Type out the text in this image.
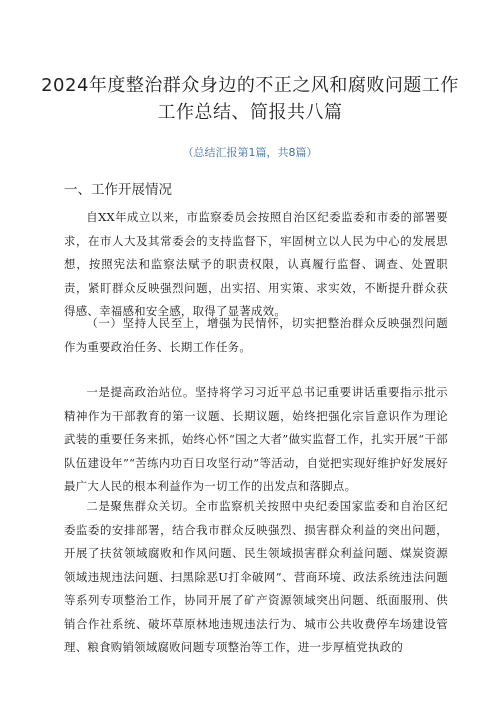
2024年度整治群众身边的不正之风和腐败问题工作
工作总结、简报共八篇
（总结汇报第1篇，共8篇）
一、工作开展情况
自XX年成立以来，市监察委员会按照自治区纪委监委和市委的部署要求，在市人大及其常委会的支持监督下，牢固树立以人民为中心的发展思想，按照宪法和监察法赋予的职责权限，认真履行监督、调查、处置职责，紧盯群众反映强烈问题，出实招、用实策、求实效，不断提升群众获得感、幸福感和安全感，取得了显著成效。
（一）坚持人民至上，增强为民情怀，切实把整治群众反映强烈问题作为重要政治任务、长期工作任务。
一是提高政治站位。坚持将学习习近平总书记重要讲话重要指示批示精神作为干部教育的第一议题、长期议题，始终把强化宗旨意识作为理论武装的重要任务来抓，始终心怀“国之大者”做实监督工作，扎实开展“干部队伍建设年”“苦练内功百日攻坚行动”等活动，自觉把实现好维护好发展好最广大人民的根本利益作为一切工作的出发点和落脚点。
二是聚焦群众关切。全市监察机关按照中央纪委国家监委和自治区纪委监委的安排部署，结合我市群众反映强烈、损害群众利益的突出问题，开展了扶贫领域腐败和作风问题、民生领域损害群众利益问题、煤炭资源领域违规违法问题、扫黑除恶U打伞破网”、营商环境、政法系统违法问题等系列专项整治工作，协同开展了矿产资源领域突出问题、纸面服刑、供销合作社系统、破坏草原林地违规违法行为、城市公共收费停车场建设管理、粮食购销领域腐败问题专项整治等工作，进一步厚植党执政的
